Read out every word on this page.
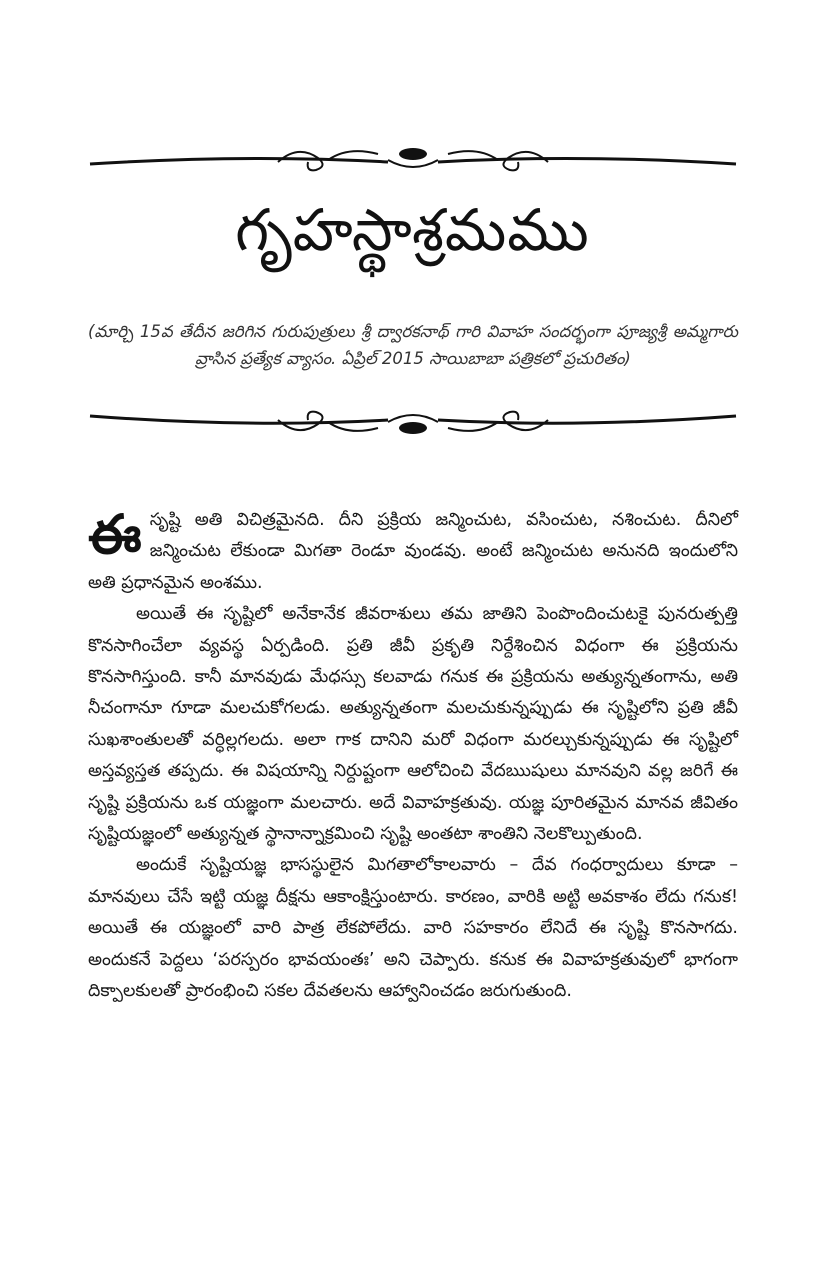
గృహస్థాశ్రమము
(మార్చి 15వ తేదీన జరిగిన గురుపుత్రులు శ్రీ ద్వారకనాథ్ గారి వివాహ సందర్భంగా పూజ్యశ్రీ అమ్మగారు వ్రాసిన ప్రత్యేక వ్యాసం. ఏప్రిల్ 2015 సాయిబాబా పత్రికలో ప్రచురితం)

ఈసృష్టి అతి విచిత్రమైనది. దీని ప్రక్రియ జన్మించుట, వసించుట, నశించుట. దీనిలో జన్మించుట లేకుండా మిగతా రెండూ వుండవు. అంటే జన్మించుట అనునది ఇందులోని అతి ప్రధానమైన అంశము.

అయితే ఈ సృష్టిలో అనేకానేక జీవరాశులు తమ జాతిని పెంపొందించుటకై పునరుత్పత్తి కొనసాగించేలా వ్యవస్థ ఏర్పడింది. ప్రతి జీవీ ప్రకృతి నిర్దేశించిన విధంగా ఈ ప్రక్రియను కొనసాగిస్తుంది. కానీ మానవుడు మేధస్సు కలవాడు గనుక ఈ ప్రక్రియను అత్యున్నతంగాను, అతి నీచంగానూ గూడా మలచుకోగలడు. అత్యున్నతంగా మలచుకున్నప్పుడు ఈ సృష్టిలోని ప్రతి జీవీ సుఖశాంతులతో వర్ధిల్లగలదు. అలా గాక దానిని మరో విధంగా మరల్చుకున్నప్పుడు ఈ సృష్టిలో అస్తవ్యస్తత తప్పదు. ఈ విషయాన్ని నిర్దుష్టంగా ఆలోచించి వేదఋషులు మానవుని వల్ల జరిగే ఈ సృష్టి ప్రక్రియను ఒక యజ్ఞంగా మలచారు. అదే వివాహక్రతువు. యజ్ఞ పూరితమైన మానవ జీవితం సృష్టియజ్ఞంలో అత్యున్నత స్థానాన్నాక్రమించి సృష్టి అంతటా శాంతిని నెలకొల్పుతుంది.

అందుకే సృష్టియజ్ఞ భాసస్థులైన మిగతాలోకాలవారు – దేవ గంధర్వాదులు కూడా – మానవులు చేసే ఇట్టి యజ్ఞ దీక్షను ఆకాంక్షిస్తుంటారు. కారణం, వారికి అట్టి అవకాశం లేదు గనుక! అయితే ఈ యజ్ఞంలో వారి పాత్ర లేకపోలేదు. వారి సహకారం లేనిదే ఈ సృష్టి కొనసాగదు. అందుకనే పెద్దలు ‘పరస్పరం భావయంతః’ అని చెప్పారు. కనుక ఈ వివాహక్రతువులో భాగంగా దిక్పాలకులతో ప్రారంభించి సకల దేవతలను ఆహ్వానించడం జరుగుతుంది.
